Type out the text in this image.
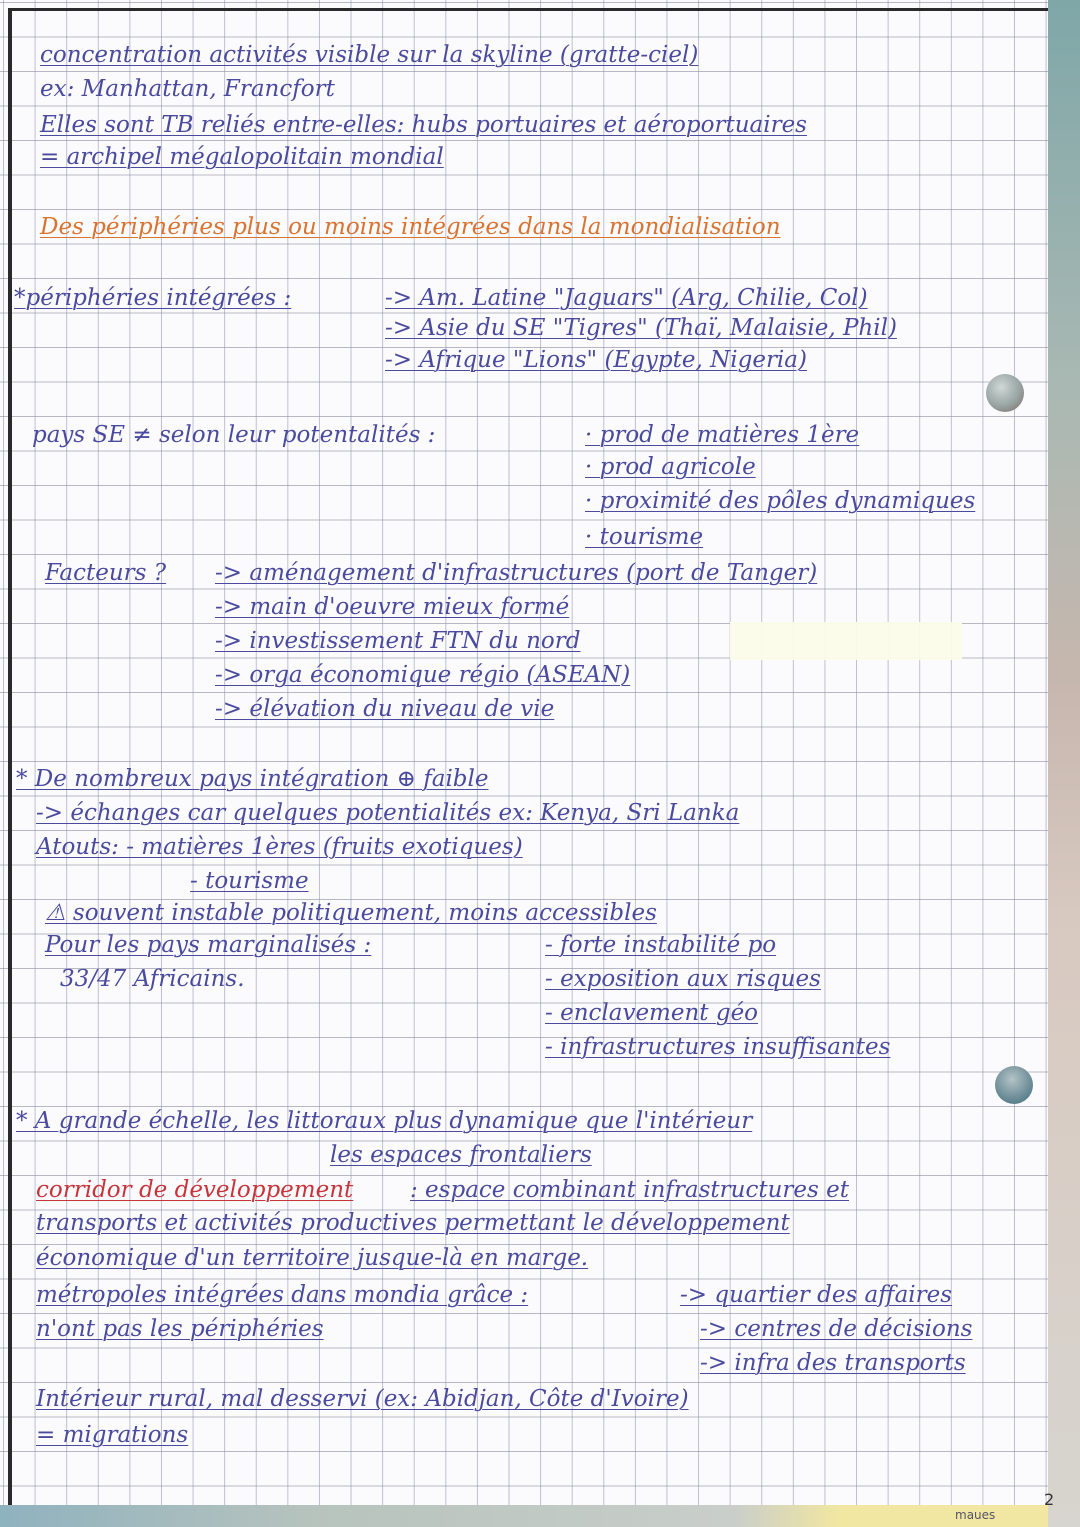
concentration activités visible sur la skyline (gratte-ciel)
ex: Manhattan, Francfort
Elles sont TB reliés entre-elles: hubs portuaires et aéroportuaires
= archipel mégalopolitain mondial
Des périphéries plus ou moins intégrées dans la mondialisation
*périphéries intégrées :	-> Am. Latine "Jaguars" (Arg, Chilie, Col)
-> Asie du SE "Tigres" (Thaï, Malaisie, Phil)
-> Afrique "Lions" (Egypte, Nigeria)
pays SE ≠ selon leur potentalités :	· prod de matières 1ère
· prod agricole
· proximité des pôles dynamiques
· tourisme
Facteurs ? -> aménagement d'infrastructures (port de Tanger)
-> main d'oeuvre mieux formé
-> investissement FTN du nord
-> orga économique régio (ASEAN)
-> élévation du niveau de vie
* De nombreux pays intégration ⊕ faible
-> échanges car quelques potentialités ex: Kenya, Sri Lanka
Atouts: - matières 1ères (fruits exotiques)
- tourisme
⚠ souvent instable politiquement, moins accessibles
Pour les pays marginalisés :
33/47 Africains.
- forte instabilité po
- exposition aux risques
- enclavement géo
- infrastructures insuffisantes
* A grande échelle, les littoraux plus dynamique que l'intérieur
les espaces frontaliers
corridor de développement : espace combinant infrastructures et
transports et activités productives permettant le développement
économique d'un territoire jusque-là en marge.
métropoles intégrées dans mondia grâce :
n'ont pas les périphéries
-> quartier des affaires
-> centres de décisions
-> infra des transports
Intérieur rural, mal desservi (ex: Abidjan, Côte d'Ivoire)
= migrations
2
maues
